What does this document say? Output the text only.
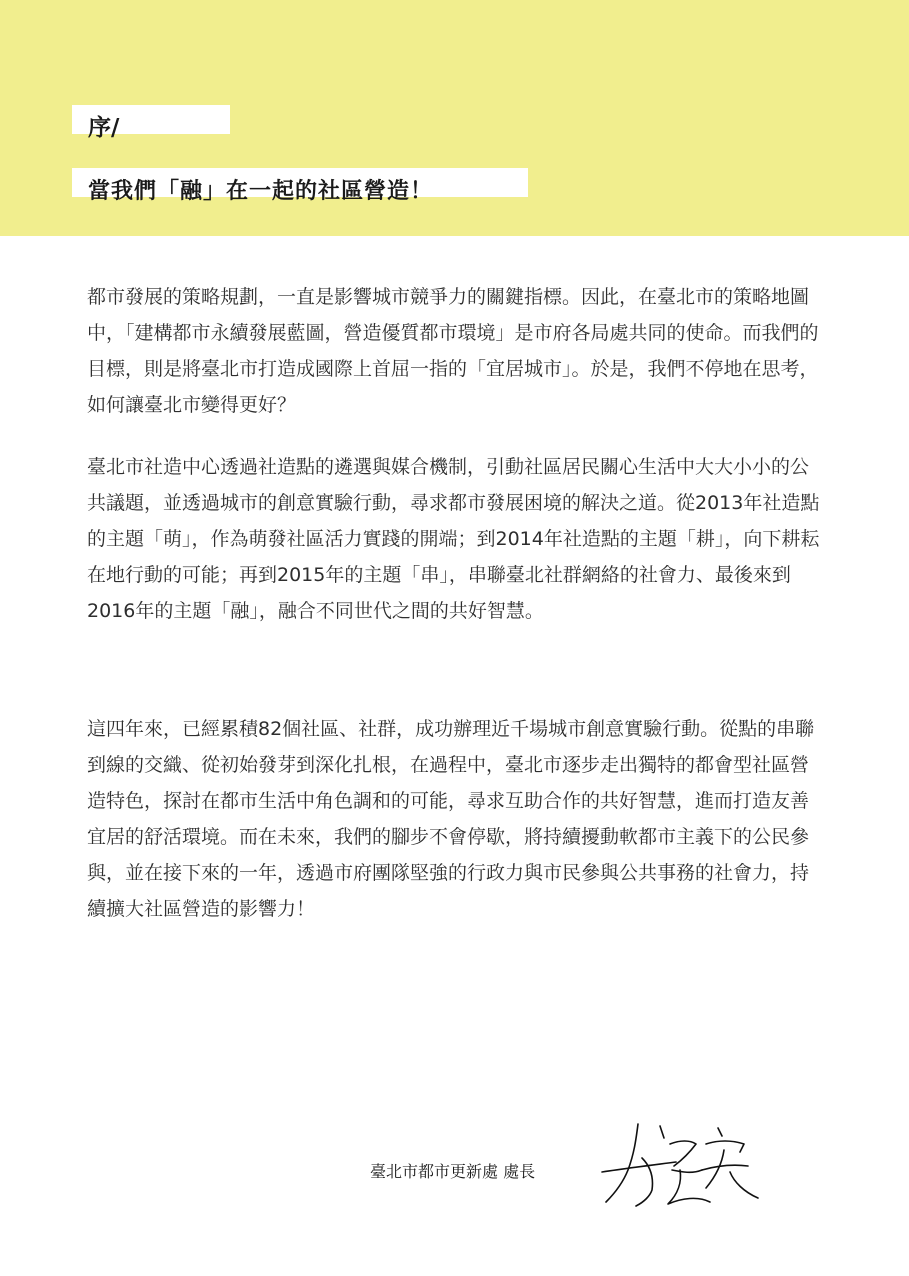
序/
當我們「融」在一起的社區營造！

都市發展的策略規劃，一直是影響城市競爭力的關鍵指標。因此，在臺北市的策略地圖中，「建構都市永續發展藍圖，營造優質都市環境」是市府各局處共同的使命。而我們的目標，則是將臺北市打造成國際上首屈一指的「宜居城市」。於是，我們不停地在思考，如何讓臺北市變得更好？

臺北市社造中心透過社造點的遴選與媒合機制，引動社區居民關心生活中大大小小的公共議題，並透過城市的創意實驗行動，尋求都市發展困境的解決之道。從2013年社造點的主題「萌」，作為萌發社區活力實踐的開端；到2014年社造點的主題「耕」，向下耕耘在地行動的可能；再到2015年的主題「串」，串聯臺北社群網絡的社會力、最後來到2016年的主題「融」，融合不同世代之間的共好智慧。

這四年來，已經累積82個社區、社群，成功辦理近千場城市創意實驗行動。從點的串聯到線的交織、從初始發芽到深化扎根，在過程中，臺北市逐步走出獨特的都會型社區營造特色，探討在都市生活中角色調和的可能，尋求互助合作的共好智慧，進而打造友善宜居的舒活環境。而在未來，我們的腳步不會停歇，將持續擾動軟都市主義下的公民參與，並在接下來的一年，透過市府團隊堅強的行政力與市民參與公共事務的社會力，持續擴大社區營造的影響力！

臺北市都市更新處 處長
